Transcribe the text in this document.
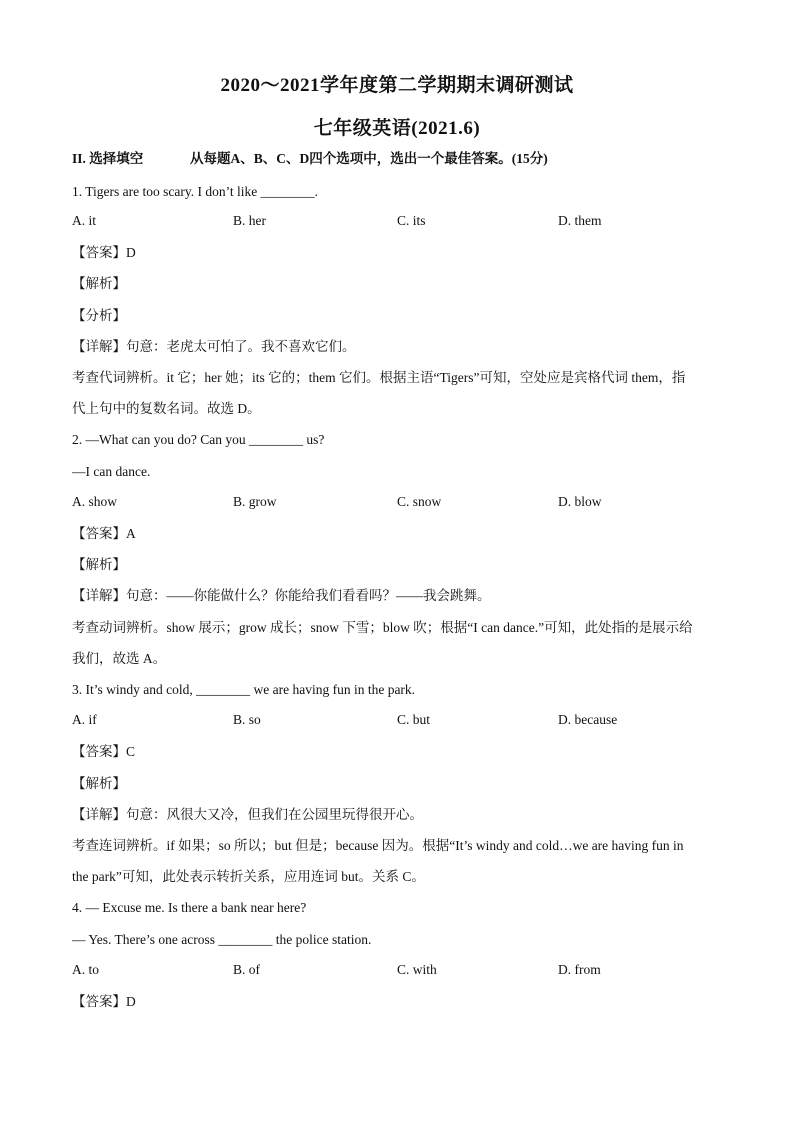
2020～2021学年度第二学期期末调研测试
七年级英语(2021.6)
II. 选择填空	从每题A、B、C、D四个选项中，选出一个最佳答案。(15分)
1. Tigers are too scary. I don’t like ________.
A. it	B. her	C. its	D. them
【答案】D
【解析】
【分析】
【详解】句意：老虎太可怕了。我不喜欢它们。
考查代词辨析。it 它；her 她；its 它的；them 它们。根据主语“Tigers”可知，空处应是宾格代词 them，指
代上句中的复数名词。故选 D。
2. —What can you do? Can you ________ us?
—I can dance.
A. show	B. grow	C. snow	D. blow
【答案】A
【解析】
【详解】句意：——你能做什么？你能给我们看看吗？——我会跳舞。
考查动词辨析。show 展示；grow 成长；snow 下雪；blow 吹；根据“I can dance.”可知，此处指的是展示给
我们，故选 A。
3. It’s windy and cold, ________ we are having fun in the park.
A. if	B. so	C. but	D. because
【答案】C
【解析】
【详解】句意：风很大又冷，但我们在公园里玩得很开心。
考查连词辨析。if 如果；so 所以；but 但是；because 因为。根据“It’s windy and cold…we are having fun in
the park”可知，此处表示转折关系，应用连词 but。关系 C。
4. — Excuse me. Is there a bank near here?
— Yes. There’s one across ________ the police station.
A. to	B. of	C. with	D. from
【答案】D
